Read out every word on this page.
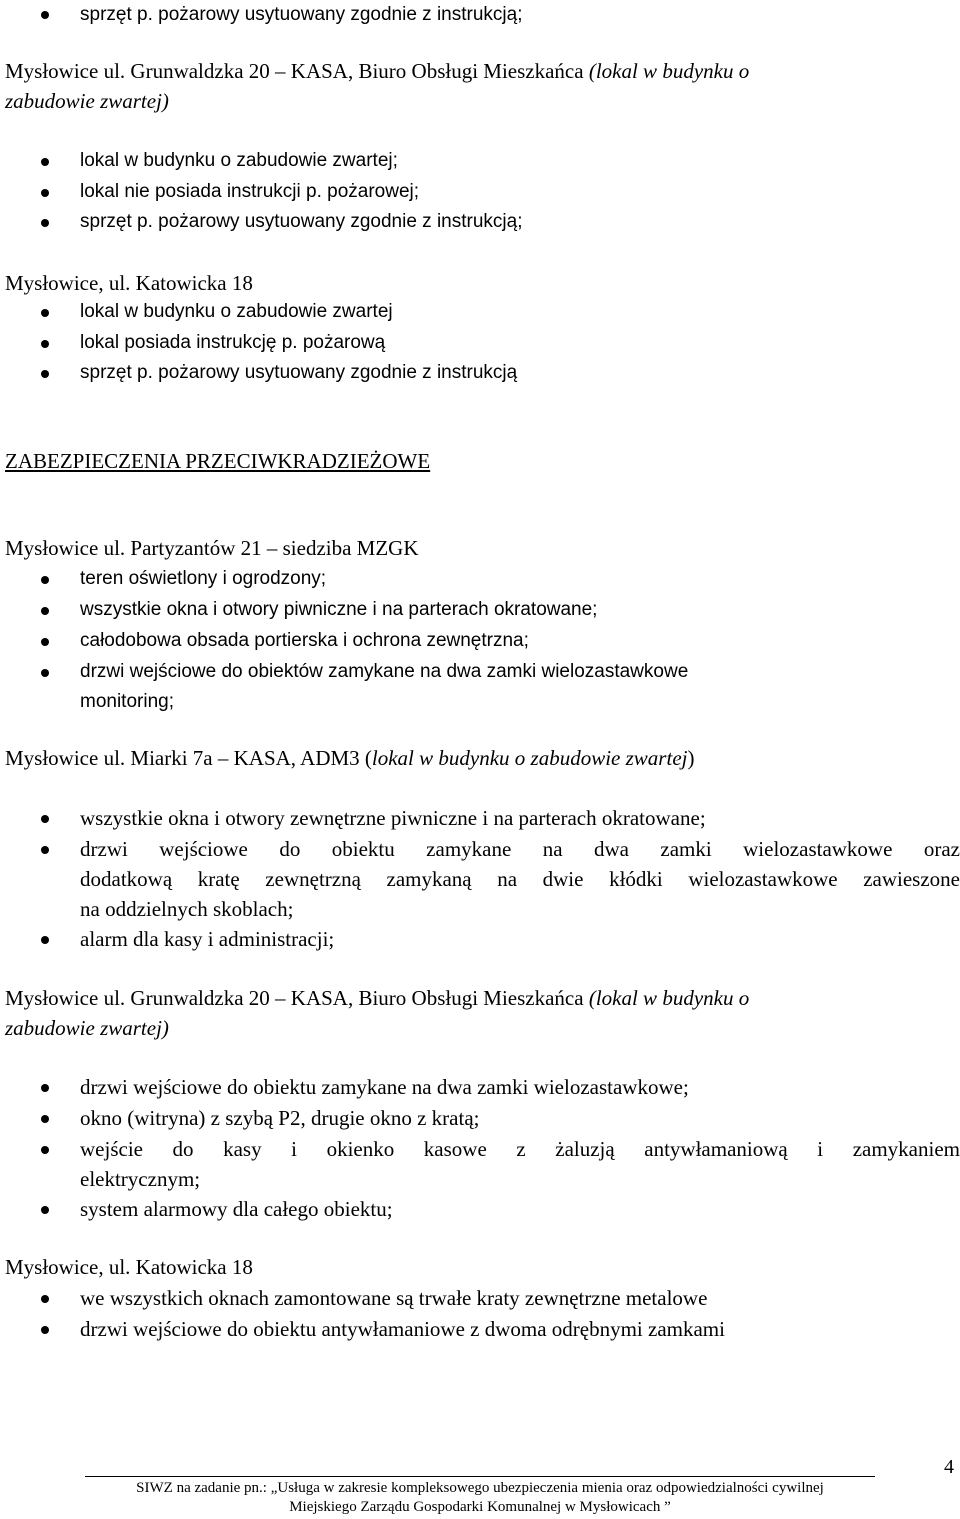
sprzęt p. pożarowy usytuowany zgodnie z instrukcją;
Mysłowice ul. Grunwaldzka 20 – KASA, Biuro Obsługi Mieszkańca (lokal w budynku o
zabudowie zwartej)
lokal w budynku o zabudowie zwartej;
lokal nie posiada instrukcji p. pożarowej;
sprzęt p. pożarowy usytuowany zgodnie z instrukcją;
Mysłowice, ul. Katowicka 18
lokal w budynku o zabudowie zwartej
lokal posiada instrukcję p. pożarową
sprzęt p. pożarowy usytuowany zgodnie z instrukcją
ZABEZPIECZENIA PRZECIWKRADZIEŻOWE
Mysłowice ul. Partyzantów 21 – siedziba MZGK
teren oświetlony i ogrodzony;
wszystkie okna i otwory piwniczne i na parterach okratowane;
całodobowa obsada portierska i ochrona zewnętrzna;
drzwi wejściowe do obiektów zamykane na dwa zamki wielozastawkowe
monitoring;
Mysłowice ul. Miarki 7a – KASA, ADM3 (lokal w budynku o zabudowie zwartej)
wszystkie okna i otwory zewnętrzne piwniczne i na parterach okratowane;
drzwi wejściowe do obiektu zamykane na dwa zamki wielozastawkowe oraz
dodatkową kratę zewnętrzną zamykaną na dwie kłódki wielozastawkowe zawieszone
na oddzielnych skoblach;
alarm dla kasy i administracji;
Mysłowice ul. Grunwaldzka 20 – KASA, Biuro Obsługi Mieszkańca (lokal w budynku o
zabudowie zwartej)
drzwi wejściowe do obiektu zamykane na dwa zamki wielozastawkowe;
okno (witryna) z szybą P2, drugie okno z kratą;
wejście do kasy i okienko kasowe z żaluzją antywłamaniową i zamykaniem
elektrycznym;
system alarmowy dla całego obiektu;
Mysłowice, ul. Katowicka 18
we wszystkich oknach zamontowane są trwałe kraty zewnętrzne metalowe
drzwi wejściowe do obiektu antywłamaniowe z dwoma odrębnymi zamkami
SIWZ na zadanie pn.: „Usługa w zakresie kompleksowego ubezpieczenia mienia oraz odpowiedzialności cywilnej
Miejskiego Zarządu Gospodarki Komunalnej w Mysłowicach ”
4
